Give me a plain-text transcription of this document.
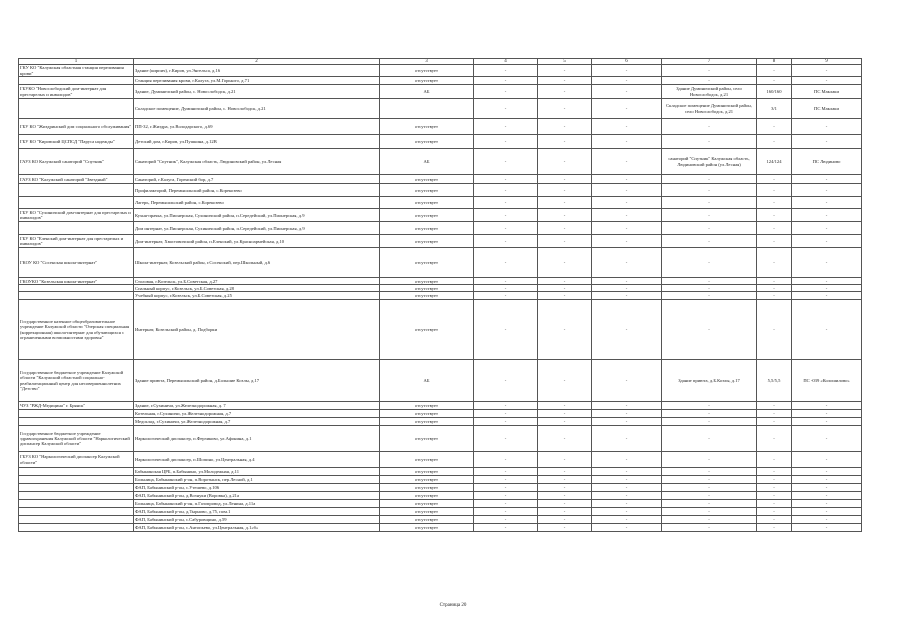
1	2	3	4	5	6	7	8	9
ГКУ КО "Калужская областная станция переливания крови"	Здание (кирпич), г.Киров, ул.Энгельса, д.16	отсутствует	-	-	-	-	-	-
	Станция переливания крови, г.Калуга, ул.М.Горького, д.71	отсутствует	-	-	-	-	-	-
ГБУКО "Новослободский дом-интернат для престарелых и инвалидов"	Здание, Думиничский район, с. Новослободск, д.21	АБ	-	-	-	Здание Думиничский район, село Новослободск, д.21	160/160	ПС Маклаки
	Складское помещение, Думиничский район, с. Новослободск, д.21		-	-	-	Складское помещение Думиничский район, село Новослободск, д.21	3/1	ПС Маклаки
ГБУ КО "Жиздринский дом социального обслуживания"	ПП-32, г.Жиздра, ул.Володарского, д.69	отсутствует	-	-	-	-	-	-
ГБУ КО "Кировский ЦСПСД "Паруса надежды"	Детский дом, г.Киров, ул.Пушкина, д.12В	отсутствует	-	-	-	-	-	-
ГАУЗ КО Калужский санаторий "Спутник"	Санаторий "Спутник", Калужская область, Людиновский район, ул.Лесная	АБ	-	-	-	санаторий "Спутник" Калужская область, Людиновский район (ул.Лесная)	124/124	ПС Людиново
ГАУЗ КО "Калужский санаторий "Звездный"	Санаторий, г.Калуга, Горенский бор, д.7	отсутствует	-	-	-	-	-	-
	Профилакторий, Перемышльский район, с.Корекозево	отсутствует	-	-	-	-	-	-
	Лагерь, Перемышльский район, с.Корекозево	отсутствует	-	-	-	-	-	-
ГБУ КО "Сухиничский дом-интернат для престарелых и инвалидов"	Кухня-прачка, ул.Пионерская, Сухиничский район, п.Середейский, ул.Пионерская, д.9	отсутствует	-	-	-	-	-	-
	Дом интернат, ул.Пионерская, Сухиничский район, п.Середейский, ул.Пионерская, д.9	отсутствует	-	-	-	-	-	-
ГБУ КО "Еленский дом-интернат для престарелых и инвалидов"	Дом-интернат, Хвастовичский район, п.Еленский, ул.Красноармейская, д.10	отсутствует	-	-	-	-	-	-
ГКОУ КО "Сосенская школа-интернат"	Школа-интернат, Козельский район, г.Сосенский, пер.Школьный, д.6	отсутствует	-	-	-	-	-	-
ГКОУКО "Козельская школа-интернат"	Столовая, г.Козельск, ул.Б.Советская, д.27	отсутствует	-	-	-	-	-	-
	Спальный корпус, г.Козельск, ул.Б.Советская, д.28	отсутствует	-	-	-	-	-	-
	Учебный корпус, г.Козельск, ул.Б.Советская, д.25	отсутствует	-	-	-	-	-	-
Государственное казенное общеобразовательное учреждение Калужской области "Озерская специальная (коррекционная) школа-интернат для обучающихся с ограниченными возможностями здоровья"	Интернат, Козельский район, д. Подборки	отсутствует	-	-	-	-	-	-
Государственное бюджетное учреждение Калужской области "Калужский областной социально-реабилитационный центр для несовершеннолетних "Детство"	Здание приюта, Перемышльский район, д.Большие Козлы, д.17	АБ	-	-	-	Здание приюта, д.Б.Козлы, д.17	5,5/5,5	ПС -039 «Колошилово»
ЧУЗ "РЖД-Медицина" г. Брянск"	Здание, г.Сухиничи, ул.Железнодорожная, д. 7	отсутствует	-	-	-	-	-	-
	Котельная, г.Сухиничи, ул.Железнодорожная, д.7	отсутствует	-	-	-	-	-	-
	Медсклад, г.Сухиничи, ул.Железнодорожная, д.7	отсутствует	-	-	-	-	-	-
Государственное бюджетное учреждение здравоохранения Калужской области "Наркологический диспансер Калужской области"	Наркологический диспансер, п.Ферзиково, ул.Афонина, д.1	отсутствует	-	-	-	-	-	-
ГБУЗ КО "Наркологический диспансер Калужской области"	Наркологический диспансер, п.Шопино, ул.Центральная, д.4	отсутствует	-	-	-	-	-	-
	Бабынинская ЦРБ, п.Бабынино, ул.Молодежная, д.11	отсутствует	-	-	-	-	-	-
	Больница, Бабынинский р-он, п.Воротынск, пер.Лесной, д.1	отсутствует	-	-	-	-	-	-
	ФАП, Бабынинский р-он, с.Утешево, д.106	отсутствует	-	-	-	-	-	-
	ФАП, Бабынинский р-он, д.Вознуки (Воровка), д.21а	отсутствует	-	-	-	-	-	-
	Больница, Бабынинский р-он, п.Газопровод, ул.Ленина, д.11а	отсутствует	-	-	-	-	-	-
	ФАП, Бабынинский р-он, д.Тырново, д.75, пом.1	отсутствует	-	-	-	-	-	-
	ФАП, Бабынинский р-он, с.Сабуровщино, д.59	отсутствует	-	-	-	-	-	-
	ФАП, Бабынинский р-он, с.Антопьево, ул.Центральная, д.1«б»	отсутствует	-	-	-	-	-	-
Страница 20
